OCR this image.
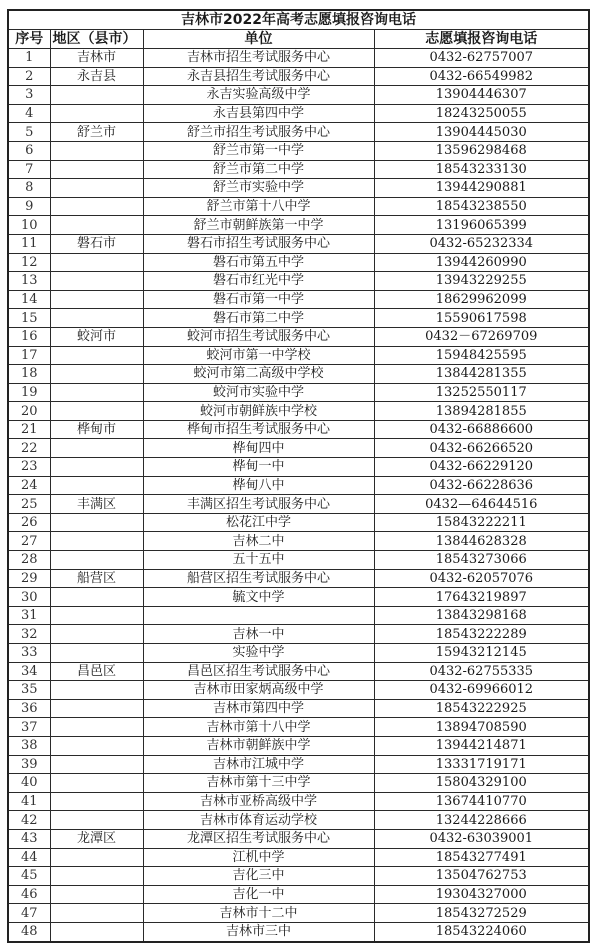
吉林市2022年高考志愿填报咨询电话			
序号	地区（县市）	单位	志愿填报咨询电话
1	吉林市	吉林市招生考试服务中心	0432-62757007
2	永吉县	永吉县招生考试服务中心	0432-66549982
3		永吉实验高级中学	13904446307
4		永吉县第四中学	18243250055
5	舒兰市	舒兰市招生考试服务中心	13904445030
6		舒兰市第一中学	13596298468
7		舒兰市第二中学	18543233130
8		舒兰市实验中学	13944290881
9		舒兰市第十八中学	18543238550
10		舒兰市朝鲜族第一中学	13196065399
11	磐石市	磐石市招生考试服务中心	0432-65232334
12		磐石市第五中学	13944260990
13		磐石市红光中学	13943229255
14		磐石市第一中学	18629962099
15		磐石市第二中学	15590617598
16	蛟河市	蛟河市招生考试服务中心	0432－67269709
17		蛟河市第一中学校	15948425595
18		蛟河市第二高级中学校	13844281355
19		蛟河市实验中学	13252550117
20		蛟河市朝鲜族中学校	13894281855
21	桦甸市	桦甸市招生考试服务中心	0432-66886600
22		桦甸四中	0432-66266520
23		桦甸一中	0432-66229120
24		桦甸八中	0432-66228636
25	丰满区	丰满区招生考试服务中心	0432—64644516
26		松花江中学	15843222211
27		吉林二中	13844628328
28		五十五中	18543273066
29	船营区	船营区招生考试服务中心	0432-62057076
30		毓文中学	17643219897
31			13843298168
32		吉林一中	18543222289
33		实验中学	15943212145
34	昌邑区	昌邑区招生考试服务中心	0432-62755335
35		吉林市田家炳高级中学	0432-69966012
36		吉林市第四中学	18543222925
37		吉林市第十八中学	13894708590
38		吉林市朝鲜族中学	13944214871
39		吉林市江城中学	13331719171
40		吉林市第十三中学	15804329100
41		吉林市亚桥高级中学	13674410770
42		吉林市体育运动学校	13244228666
43	龙潭区	龙潭区招生考试服务中心	0432-63039001
44		江机中学	18543277491
45		吉化三中	13504762753
46		吉化一中	19304327000
47		吉林市十二中	18543272529
48		吉林市三中	18543224060
